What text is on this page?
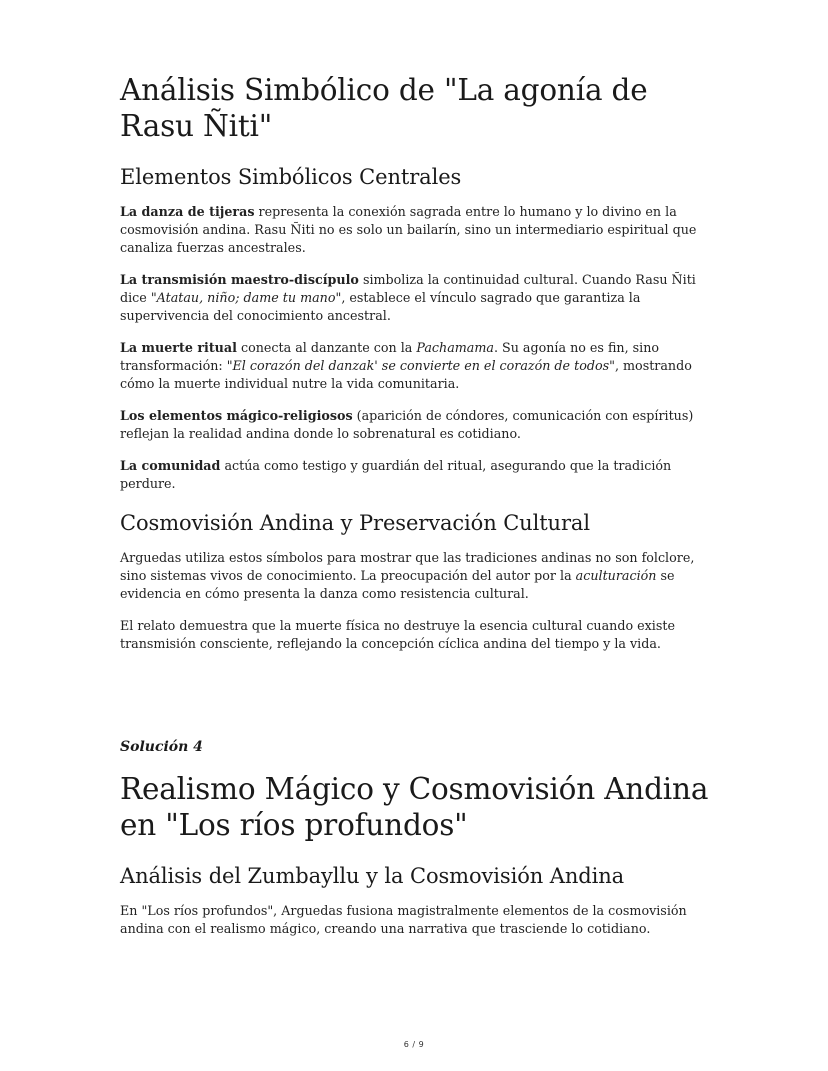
Análisis Simbólico de "La agonía de Rasu Ñiti"
Elementos Simbólicos Centrales

La danza de tijeras representa la conexión sagrada entre lo humano y lo divino en la cosmovisión andina. Rasu Ñiti no es solo un bailarín, sino un intermediario espiritual que canaliza fuerzas ancestrales.

La transmisión maestro-discípulo simboliza la continuidad cultural. Cuando Rasu Ñiti dice "Atatau, niño; dame tu mano", establece el vínculo sagrado que garantiza la supervivencia del conocimiento ancestral.

La muerte ritual conecta al danzante con la Pachamama. Su agonía no es fin, sino transformación: "El corazón del danzak' se convierte en el corazón de todos", mostrando cómo la muerte individual nutre la vida comunitaria.

Los elementos mágico-religiosos (aparición de cóndores, comunicación con espíritus) reflejan la realidad andina donde lo sobrenatural es cotidiano.

La comunidad actúa como testigo y guardián del ritual, asegurando que la tradición perdure.

Cosmovisión Andina y Preservación Cultural

Arguedas utiliza estos símbolos para mostrar que las tradiciones andinas no son folclore, sino sistemas vivos de conocimiento. La preocupación del autor por la aculturación se evidencia en cómo presenta la danza como resistencia cultural.

El relato demuestra que la muerte física no destruye la esencia cultural cuando existe transmisión consciente, reflejando la concepción cíclica andina del tiempo y la vida.

Solución 4
Realismo Mágico y Cosmovisión Andina en "Los ríos profundos"
Análisis del Zumbayllu y la Cosmovisión Andina

En "Los ríos profundos", Arguedas fusiona magistralmente elementos de la cosmovisión andina con el realismo mágico, creando una narrativa que trasciende lo cotidiano.

6 / 9
